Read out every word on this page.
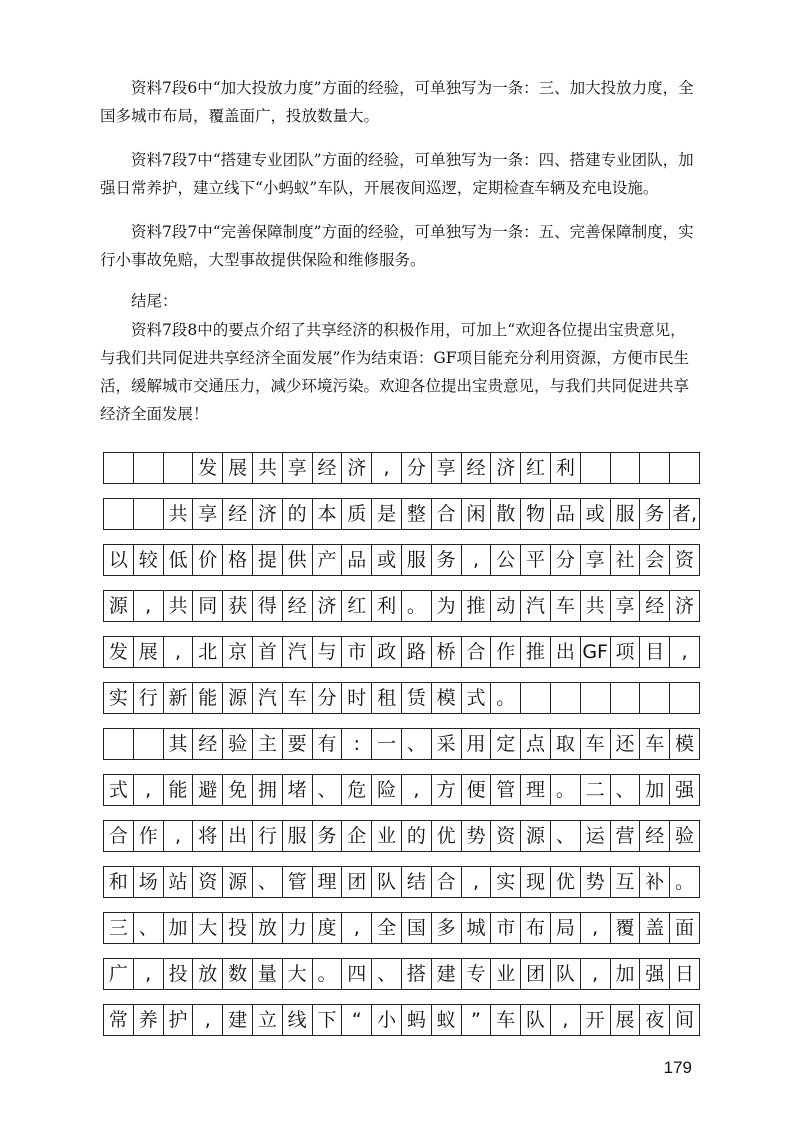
资料7段6中“加大投放力度”方面的经验，可单独写为一条：三、加大投放力度，全国多城市布局，覆盖面广，投放数量大。

资料7段7中“搭建专业团队”方面的经验，可单独写为一条：四、搭建专业团队，加强日常养护，建立线下“小蚂蚁”车队，开展夜间巡逻，定期检查车辆及充电设施。

资料7段7中“完善保障制度”方面的经验，可单独写为一条：五、完善保障制度，实行小事故免赔，大型事故提供保险和维修服务。

结尾：

资料7段8中的要点介绍了共享经济的积极作用，可加上“欢迎各位提出宝贵意见，与我们共同促进共享经济全面发展”作为结束语：GF项目能充分利用资源，方便市民生活，缓解城市交通压力，减少环境污染。欢迎各位提出宝贵意见，与我们共同促进共享经济全面发展！

发 展 共 享 经 济 , 分 享 经 济 红 利
共 享 经 济 的 本 质 是 整 合 闲 散 物 品 或 服 务 者,
以 较 低 价 格 提 供 产 品 或 服 务 , 公 平 分 享 社 会 资
源 , 共 同 获 得 经 济 红 利 。 为 推 动 汽 车 共 享 经 济
发 展 , 北 京 首 汽 与 市 政 路 桥 合 作 推 出 GF 项 目 ,
实 行 新 能 源 汽 车 分 时 租 赁 模 式 。
其 经 验 主 要 有 : 一 、 采 用 定 点 取 车 还 车 模
式 , 能 避 免 拥 堵 、 危 险 , 方 便 管 理 。 二 、 加 强
合 作 , 将 出 行 服 务 企 业 的 优 势 资 源 、 运 营 经 验
和 场 站 资 源 、 管 理 团 队 结 合 , 实 现 优 势 互 补 。
三 、 加 大 投 放 力 度 , 全 国 多 城 市 布 局 , 覆 盖 面
广 , 投 放 数 量 大 。 四 、 搭 建 专 业 团 队 , 加 强 日
常 养 护 , 建 立 线 下 “ 小 蚂 蚁 ” 车 队 , 开 展 夜 间
179
